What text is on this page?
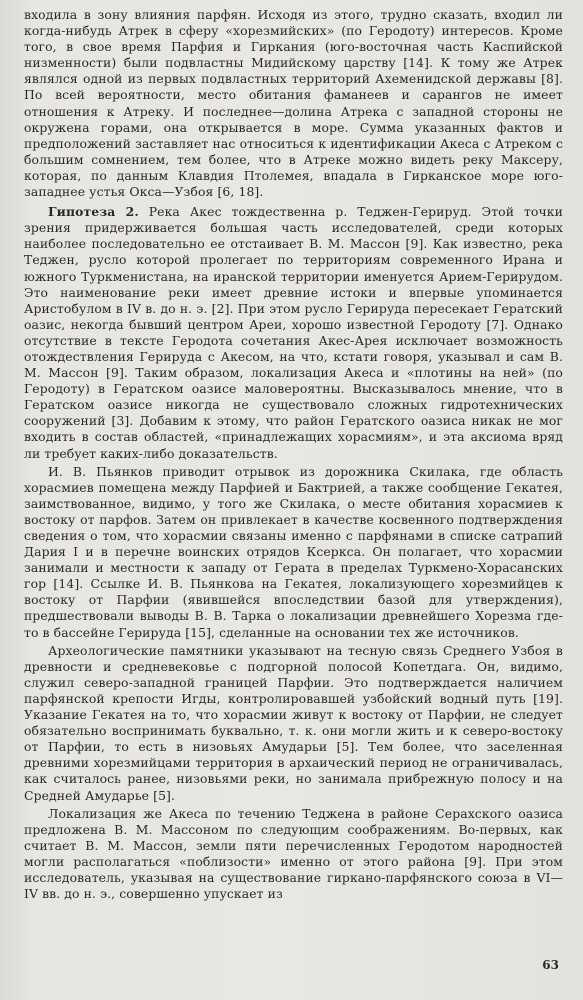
входила в зону влияния парфян. Исходя из этого, трудно сказать, входил ли когда-нибудь Атрек в сферу «хорезмийских» (по Геродоту) интересов. Кроме того, в свое время Парфия и Гиркания (юго-восточная часть Каспийской низменности) были подвластны Мидийскому царству [14]. К тому же Атрек являлся одной из первых подвластных территорий Ахеменидской державы [8]. По всей вероятности, место обитания фаманеев и сарангов не имеет отношения к Атреку. И последнее—долина Атрека с западной стороны не окружена горами, она открывается в море. Сумма указанных фактов и предположений заставляет нас относиться к идентификации Акеса с Атреком с большим сомнением, тем более, что в Атреке можно видеть реку Максеру, которая, по данным Клавдия Птолемея, впадала в Гирканское море юго-западнее устья Окса—Узбоя [6, 18].

Гипотеза 2. Река Акес тождественна р. Теджен-Герируд. Этой точки зрения придерживается большая часть исследователей, среди которых наиболее последовательно ее отстаивает В. М. Массон [9]. Как известно, река Теджен, русло которой пролегает по территориям современного Ирана и южного Туркменистана, на иранской территории именуется Арием-Герирудом. Это наименование реки имеет древние истоки и впервые упоминается Аристобулом в IV в. до н. э. [2]. При этом русло Герируда пересекает Гератский оазис, некогда бывший центром Ареи, хорошо известной Геродоту [7]. Однако отсутствие в тексте Геродота сочетания Акес-Арея исключает возможность отождествления Герируда с Акесом, на что, кстати говоря, указывал и сам В. М. Массон [9]. Таким образом, локализация Акеса и «плотины на ней» (по Геродоту) в Гератском оазисе маловероятны. Высказывалось мнение, что в Гератском оазисе никогда не существовало сложных гидротехнических сооружений [3]. Добавим к этому, что район Гератского оазиса никак не мог входить в состав областей, «принадлежащих хорасмиям», и эта аксиома вряд ли требует каких-либо доказательств.

И. В. Пьянков приводит отрывок из дорожника Скилака, где область хорасмиев помещена между Парфией и Бактрией, а также сообщение Гекатея, заимствованное, видимо, у того же Скилака, о месте обитания хорасмиев к востоку от парфов. Затем он привлекает в качестве косвенного подтверждения сведения о том, что хорасмии связаны именно с парфянами в списке сатрапий Дария I и в перечне воинских отрядов Ксеркса. Он полагает, что хорасмии занимали и местности к западу от Герата в пределах Туркмено-Хорасанских гор [14]. Ссылке И. В. Пьянкова на Гекатея, локализующего хорезмийцев к востоку от Парфии (явившейся впоследствии базой для утверждения), предшествовали выводы В. В. Тарка о локализации древнейшего Хорезма где-то в бассейне Герируда [15], сделанные на основании тех же источников.

Археологические памятники указывают на тесную связь Среднего Узбоя в древности и средневековье с подгорной полосой Копетдага. Он, видимо, служил северо-западной границей Парфии. Это подтверждается наличием парфянской крепости Игды, контролировавшей узбойский водный путь [19]. Указание Гекатея на то, что хорасмии живут к востоку от Парфии, не следует обязательно воспринимать буквально, т. к. они могли жить и к северо-востоку от Парфии, то есть в низовьях Амударьи [5]. Тем более, что заселенная древними хорезмийцами территория в архаический период не ограничивалась, как считалось ранее, низовьями реки, но занимала прибрежную полосу и на Средней Амударье [5].

Локализация же Акеса по течению Теджена в районе Серахского оазиса предложена В. М. Массоном по следующим соображениям. Во-первых, как считает В. М. Массон, земли пяти перечисленных Геродотом народностей могли располагаться «поблизости» именно от этого района [9]. При этом исследователь, указывая на существование гиркано-парфянского союза в VI—IV вв. до н. э., совершенно упускает из

63
